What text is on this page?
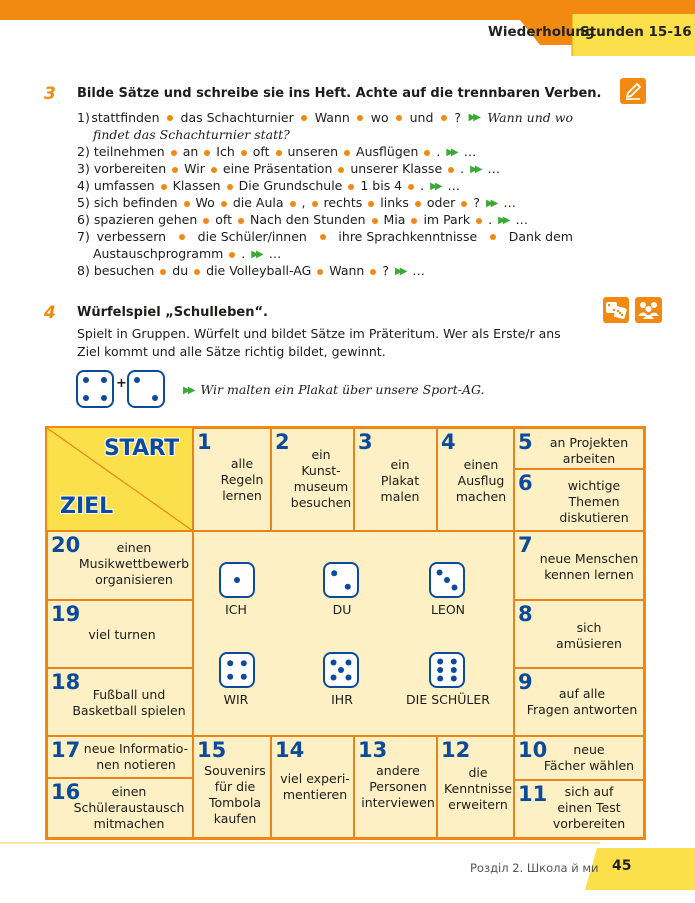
Wiederholung
Stunden 15-16
3 Bilde Sätze und schreibe sie ins Heft. Achte auf die trennbaren Verben.
1) stattfinden das Schachturnier Wann wo und ? ▶▶ Wann und wo
findet das Schachturnier statt?
2) teilnehmen an Ich oft unseren Ausflügen . ▶▶ …
3) vorbereiten Wir eine Präsentation unserer Klasse . ▶▶ …
4) umfassen Klassen Die Grundschule 1 bis 4 . ▶▶ …
5) sich befinden Wo die Aula , rechts links oder ? ▶▶ …
6) spazieren gehen oft Nach den Stunden Mia im Park . ▶▶ …
7) verbessern	die Schüler/innen	ihre Sprachkenntnisse	Dank dem
Austauschprogramm . ▶▶ …
8) besuchen du die Volleyball-AG Wann ? ▶▶ …
4 Würfelspiel „Schulleben“.
Spielt in Gruppen. Würfelt und bildet Sätze im Präteritum. Wer als Erste/r ans
Ziel kommt und alle Sätze richtig bildet, gewinnt.
+	▶▶ Wir malten ein Plakat über unsere Sport-AG.
START
ZIEL
1
alle
Regeln
lernen
2
ein
Kunst-
museum
besuchen
3
ein
Plakat
malen
4
einen
Ausflug
machen
5	an Projekten
arbeiten
6	wichtige
Themen
diskutieren
7
neue Menschen
kennen lernen
8
sich
amüsieren
9	auf alle
Fragen antworten
10	neue
Fächer wählen
11	sich auf
einen Test
vorbereiten
12
die
Kenntnisse
erweitern
13
andere
Personen
interviewen
14
viel experi-
mentieren
15
Souvenirs
für die
Tombola
kaufen
16	einen
Schüleraustausch
mitmachen
17 neue Informatio-
nen notieren
18
Fußball und
Basketball spielen
19
viel turnen
20	einen
Musikwettbewerb
organisieren
ICH	DU	LEON
WIR	IHR	DIE SCHÜLER
Розділ 2. Школа й ми 45
